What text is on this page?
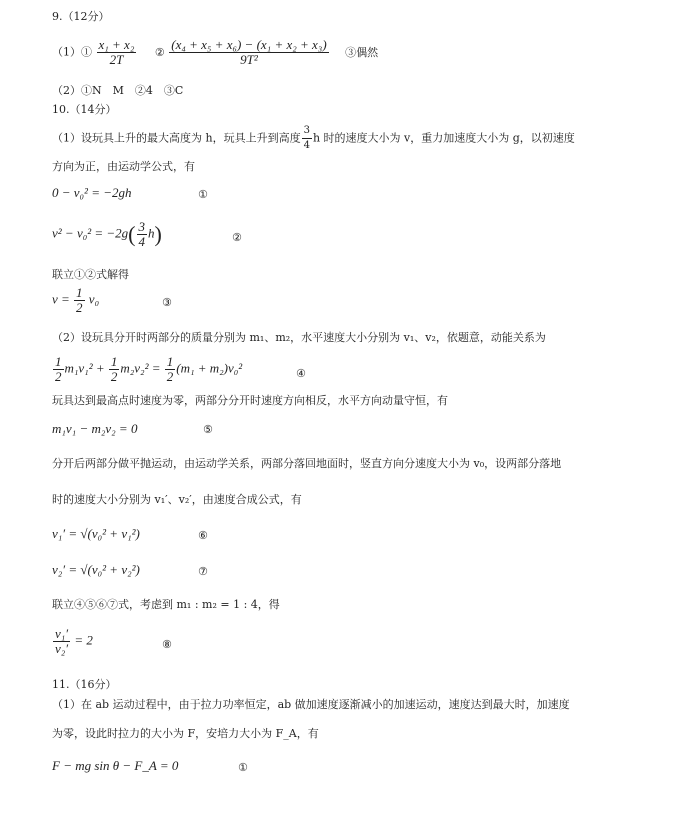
9.（12分）
（1）① $\frac{\text{x₁ + x₂}}{2T}$ ② $\frac{\text{(x₄ + x₅ + x₆) − (x₁ + x₂ + x₃)}}{\text{9T²}}$ ③偶然
（2）①N　M　②4　③C
10.（14分）
（1）设玩具上升的最大高度为 h，玩具上升到高度 $\frac{3}{4}$ h 时的速度大小为 v，重力加速度大小为 g，以初速度
方向为正，由运动学公式，有
0 − v₀² = −2gh	①
$v^2 - v_0^2 = -2g( \frac{3}{4} h)$	②
联立①②式解得
$v = \frac{1}{2} v_0$	③
（2）设玩具分开时两部分的质量分别为 m₁、m₂，水平速度大小分别为 v₁、v₂，依题意，动能关系为
$\frac{1}{2} m_1v_1^2 + \frac{1}{2} m_2v_2^2 = \frac{1}{2} (m_1 + m_2)v_0^2$	④
玩具达到最高点时速度为零，两部分分开时速度方向相反，水平方向动量守恒，有
m₁v₁ − m₂v₂ = 0	⑤
分开后两部分做平抛运动，由运动学关系，两部分落回地面时，竖直方向分速度大小为 v₀，设两部分落地
时的速度大小分别为 v₁′、v₂′，由速度合成公式，有
v₁′ = √(v₀² + v₁²)	⑥
v₂′ = √(v₀² + v₂²)	⑦
联立④⑤⑥⑦式，考虑到 m₁ : m₂ = 1 : 4，得
$\frac{\text{v₁′}}{\text{v₂′}} = 2$	⑧
11.（16分）
（1）在 ab 运动过程中，由于拉力功率恒定，ab 做加速度逐渐减小的加速运动，速度达到最大时，加速度
为零，设此时拉力的大小为 F，安培力大小为 F_A，有
F − mg sin θ − F_A = 0	①
